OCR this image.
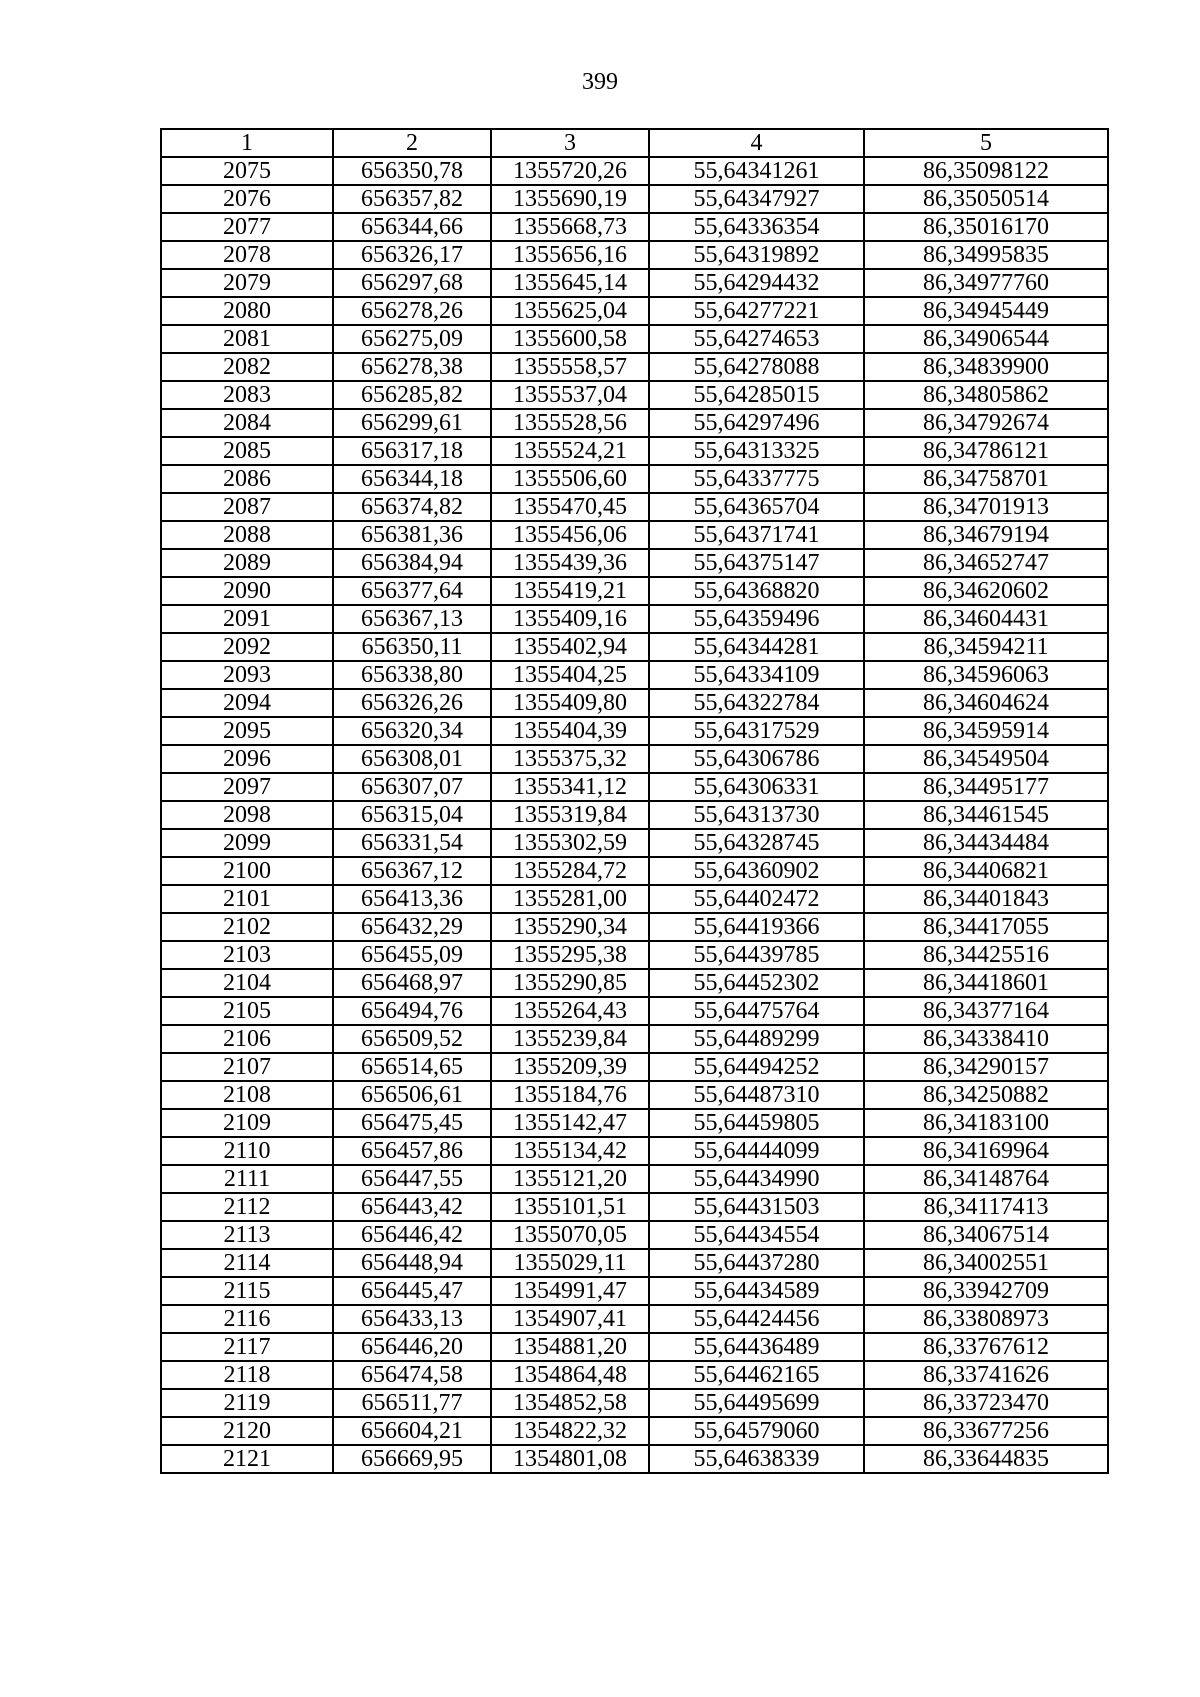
399
1	2	3	4	5
2075	656350,78	1355720,26	55,64341261	86,35098122
2076	656357,82	1355690,19	55,64347927	86,35050514
2077	656344,66	1355668,73	55,64336354	86,35016170
2078	656326,17	1355656,16	55,64319892	86,34995835
2079	656297,68	1355645,14	55,64294432	86,34977760
2080	656278,26	1355625,04	55,64277221	86,34945449
2081	656275,09	1355600,58	55,64274653	86,34906544
2082	656278,38	1355558,57	55,64278088	86,34839900
2083	656285,82	1355537,04	55,64285015	86,34805862
2084	656299,61	1355528,56	55,64297496	86,34792674
2085	656317,18	1355524,21	55,64313325	86,34786121
2086	656344,18	1355506,60	55,64337775	86,34758701
2087	656374,82	1355470,45	55,64365704	86,34701913
2088	656381,36	1355456,06	55,64371741	86,34679194
2089	656384,94	1355439,36	55,64375147	86,34652747
2090	656377,64	1355419,21	55,64368820	86,34620602
2091	656367,13	1355409,16	55,64359496	86,34604431
2092	656350,11	1355402,94	55,64344281	86,34594211
2093	656338,80	1355404,25	55,64334109	86,34596063
2094	656326,26	1355409,80	55,64322784	86,34604624
2095	656320,34	1355404,39	55,64317529	86,34595914
2096	656308,01	1355375,32	55,64306786	86,34549504
2097	656307,07	1355341,12	55,64306331	86,34495177
2098	656315,04	1355319,84	55,64313730	86,34461545
2099	656331,54	1355302,59	55,64328745	86,34434484
2100	656367,12	1355284,72	55,64360902	86,34406821
2101	656413,36	1355281,00	55,64402472	86,34401843
2102	656432,29	1355290,34	55,64419366	86,34417055
2103	656455,09	1355295,38	55,64439785	86,34425516
2104	656468,97	1355290,85	55,64452302	86,34418601
2105	656494,76	1355264,43	55,64475764	86,34377164
2106	656509,52	1355239,84	55,64489299	86,34338410
2107	656514,65	1355209,39	55,64494252	86,34290157
2108	656506,61	1355184,76	55,64487310	86,34250882
2109	656475,45	1355142,47	55,64459805	86,34183100
2110	656457,86	1355134,42	55,64444099	86,34169964
2111	656447,55	1355121,20	55,64434990	86,34148764
2112	656443,42	1355101,51	55,64431503	86,34117413
2113	656446,42	1355070,05	55,64434554	86,34067514
2114	656448,94	1355029,11	55,64437280	86,34002551
2115	656445,47	1354991,47	55,64434589	86,33942709
2116	656433,13	1354907,41	55,64424456	86,33808973
2117	656446,20	1354881,20	55,64436489	86,33767612
2118	656474,58	1354864,48	55,64462165	86,33741626
2119	656511,77	1354852,58	55,64495699	86,33723470
2120	656604,21	1354822,32	55,64579060	86,33677256
2121	656669,95	1354801,08	55,64638339	86,33644835
